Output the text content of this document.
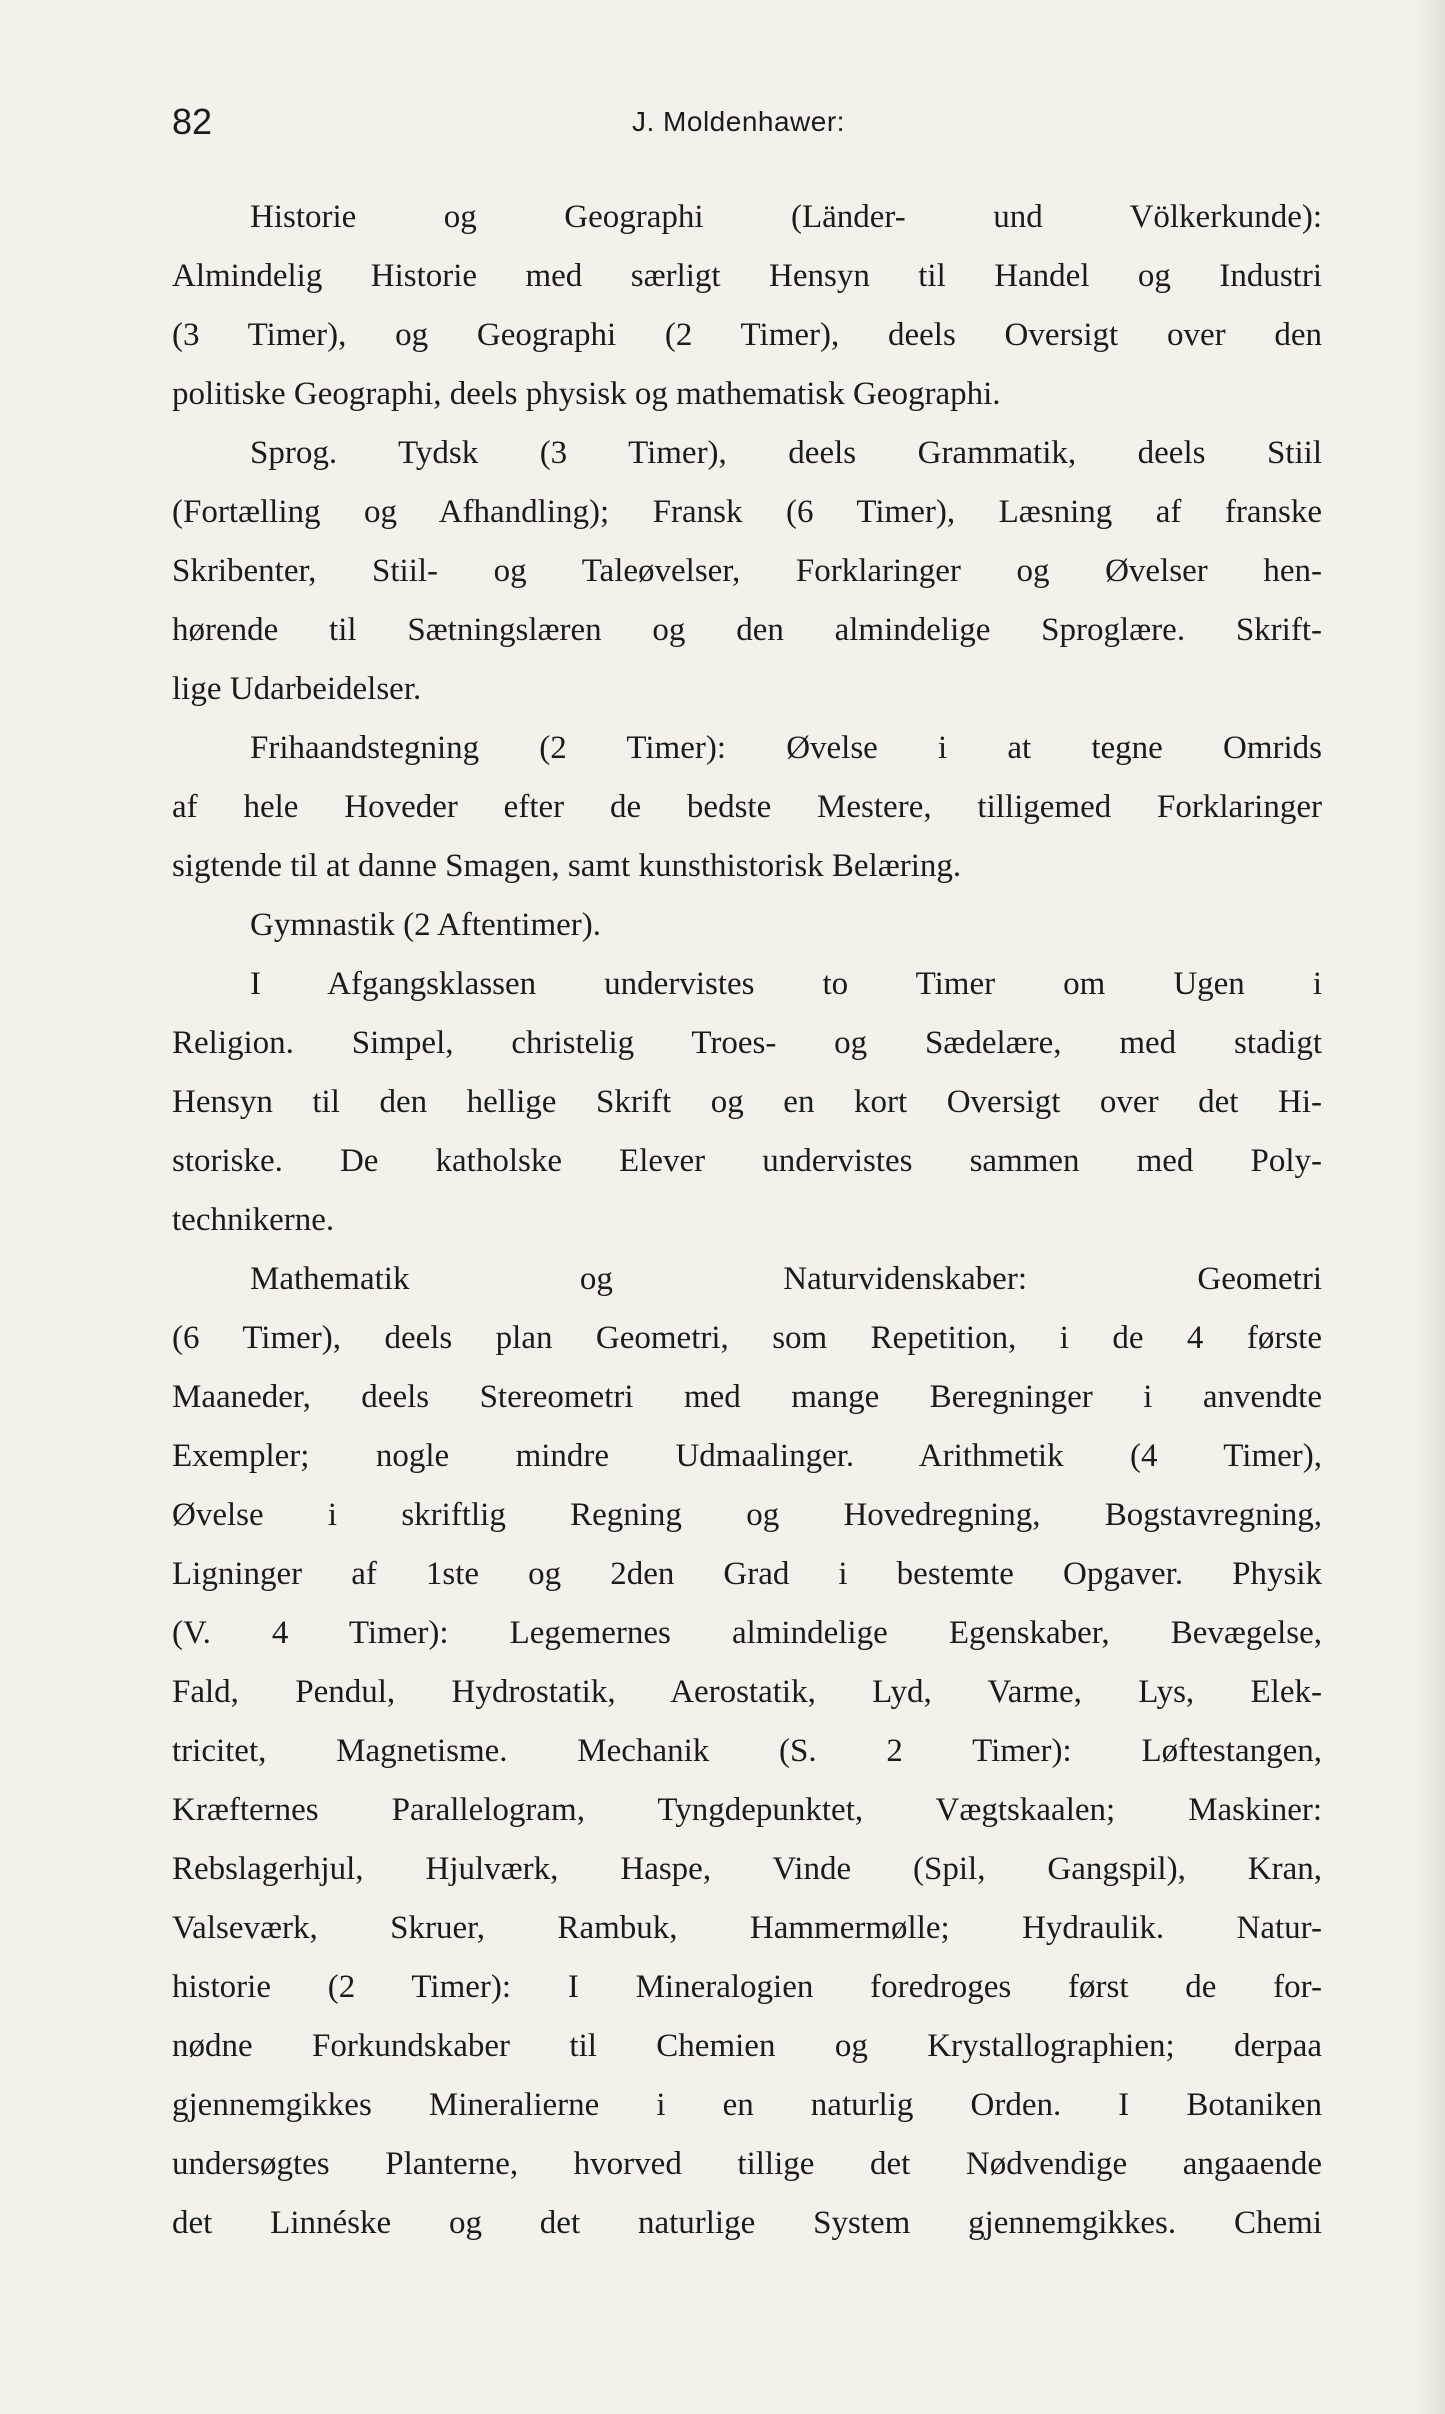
82	J. Moldenhawer:
Historie og Geographi (Länder- und Völkerkunde):
Almindelig Historie med særligt Hensyn til Handel og Industri
(3 Timer), og Geographi (2 Timer), deels Oversigt over den
politiske Geographi, deels physisk og mathematisk Geographi.
Sprog. Tydsk (3 Timer), deels Grammatik, deels Stiil
(Fortælling og Afhandling); Fransk (6 Timer), Læsning af franske
Skribenter, Stiil- og Taleøvelser, Forklaringer og Øvelser hen-
hørende til Sætningslæren og den almindelige Sproglære. Skrift-
lige Udarbeidelser.
Frihaandstegning (2 Timer): Øvelse i at tegne Omrids
af hele Hoveder efter de bedste Mestere, tilligemed Forklaringer
sigtende til at danne Smagen, samt kunsthistorisk Belæring.
Gymnastik (2 Aftentimer).
I Afgangsklassen undervistes to Timer om Ugen i
Religion. Simpel, christelig Troes- og Sædelære, med stadigt
Hensyn til den hellige Skrift og en kort Oversigt over det Hi-
storiske. De katholske Elever undervistes sammen med Poly-
technikerne.
Mathematik og Naturvidenskaber: Geometri
(6 Timer), deels plan Geometri, som Repetition, i de 4 første
Maaneder, deels Stereometri med mange Beregninger i anvendte
Exempler; nogle mindre Udmaalinger. Arithmetik (4 Timer),
Øvelse i skriftlig Regning og Hovedregning, Bogstavregning,
Ligninger af 1ste og 2den Grad i bestemte Opgaver. Physik
(V. 4 Timer): Legemernes almindelige Egenskaber, Bevægelse,
Fald, Pendul, Hydrostatik, Aerostatik, Lyd, Varme, Lys, Elek-
tricitet, Magnetisme. Mechanik (S. 2 Timer): Løftestangen,
Kræfternes Parallelogram, Tyngdepunktet, Vægtskaalen; Maskiner:
Rebslagerhjul, Hjulværk, Haspe, Vinde (Spil, Gangspil), Kran,
Valseværk, Skruer, Rambuk, Hammermølle; Hydraulik. Natur-
historie (2 Timer): I Mineralogien foredroges først de for-
nødne Forkundskaber til Chemien og Krystallographien; derpaa
gjennemgikkes Mineralierne i en naturlig Orden. I Botaniken
undersøgtes Planterne, hvorved tillige det Nødvendige angaaende
det Linnéske og det naturlige System gjennemgikkes. Chemi
